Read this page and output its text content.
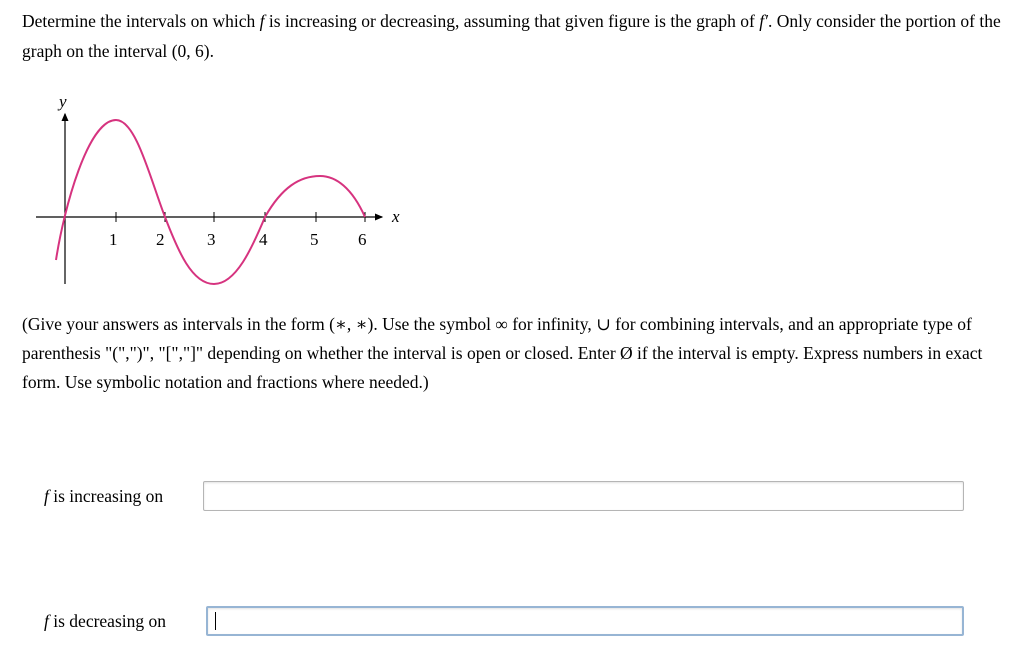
Determine the intervals on which f is increasing or decreasing, assuming that given figure is the graph of f′. Only consider the portion of the graph on the interval (0, 6).
y
x
1 2	3	4	5 6
(Give your answers as intervals in the form (∗, ∗). Use the symbol ∞ for infinity, ∪ for combining intervals, and an appropriate type of parenthesis "(",")", "[","]" depending on whether the interval is open or closed. Enter Ø if the interval is empty. Express numbers in exact form. Use symbolic notation and fractions where needed.)
f is increasing on
f is decreasing on
